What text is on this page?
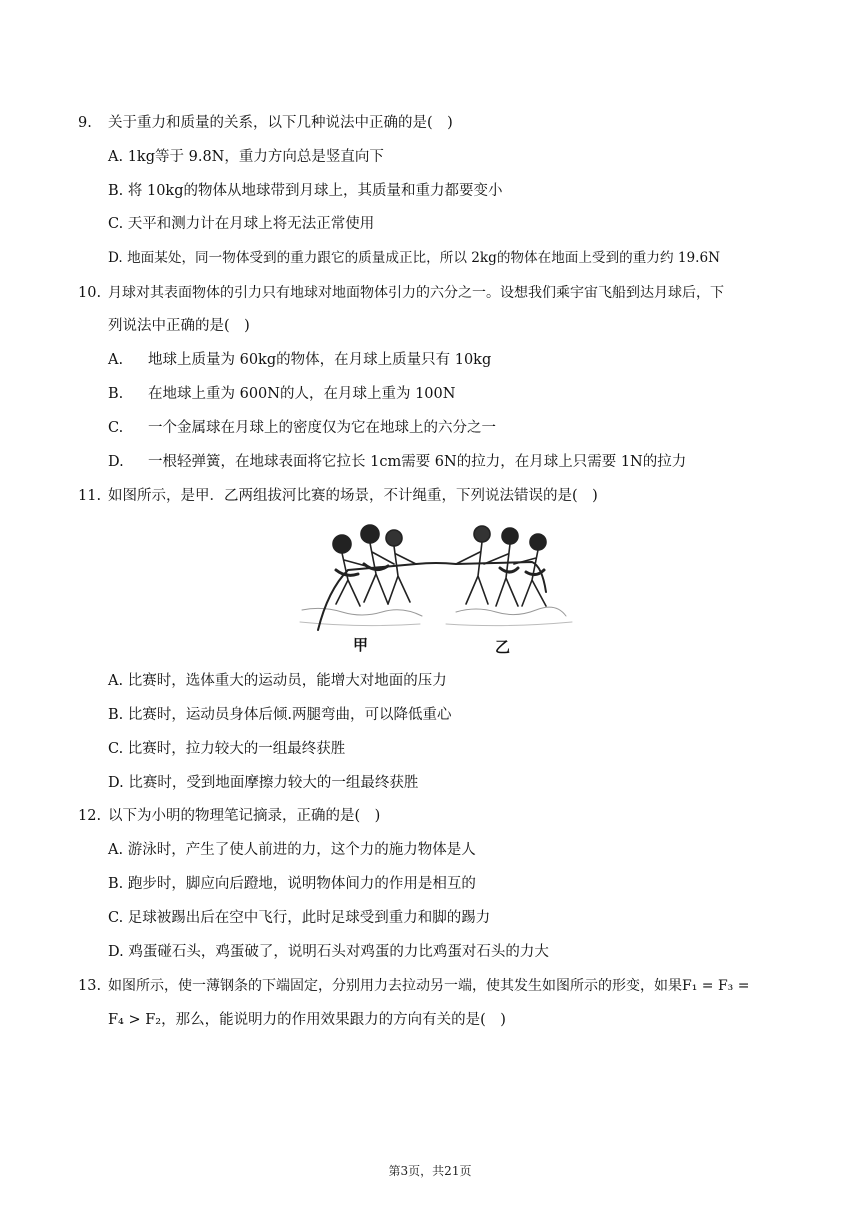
9. 关于重力和质量的关系，以下几种说法中正确的是(　)
A. 1kg等于 9.8N，重力方向总是竖直向下
B. 将 10kg的物体从地球带到月球上，其质量和重力都要变小
C. 天平和测力计在月球上将无法正常使用
D. 地面某处，同一物体受到的重力跟它的质量成正比，所以 2kg的物体在地面上受到的重力约 19.6N
10. 月球对其表面物体的引力只有地球对地面物体引力的六分之一。设想我们乘宇宙飞船到达月球后，下
列说法中正确的是(　)
A. 地球上质量为 60kg的物体，在月球上质量只有 10kg
B. 在地球上重为 600N的人，在月球上重为 100N
C. 一个金属球在月球上的密度仅为它在地球上的六分之一
D. 一根轻弹簧，在地球表面将它拉长 1cm需要 6N的拉力，在月球上只需要 1N的拉力
11. 如图所示，是甲．乙两组拔河比赛的场景，不计绳重，下列说法错误的是(　)
甲	乙
A. 比赛时，选体重大的运动员，能增大对地面的压力
B. 比赛时，运动员身体后倾.两腿弯曲，可以降低重心
C. 比赛时，拉力较大的一组最终获胜
D. 比赛时，受到地面摩擦力较大的一组最终获胜
12. 以下为小明的物理笔记摘录，正确的是(　)
A. 游泳时，产生了使人前进的力，这个力的施力物体是人
B. 跑步时，脚应向后蹬地，说明物体间力的作用是相互的
C. 足球被踢出后在空中飞行，此时足球受到重力和脚的踢力
D. 鸡蛋碰石头，鸡蛋破了，说明石头对鸡蛋的力比鸡蛋对石头的力大
13. 如图所示，使一薄钢条的下端固定，分别用力去拉动另一端，使其发生如图所示的形变，如果F₁ = F₃ =
F₄ > F₂，那么，能说明力的作用效果跟力的方向有关的是(　)
第3页，共21页
